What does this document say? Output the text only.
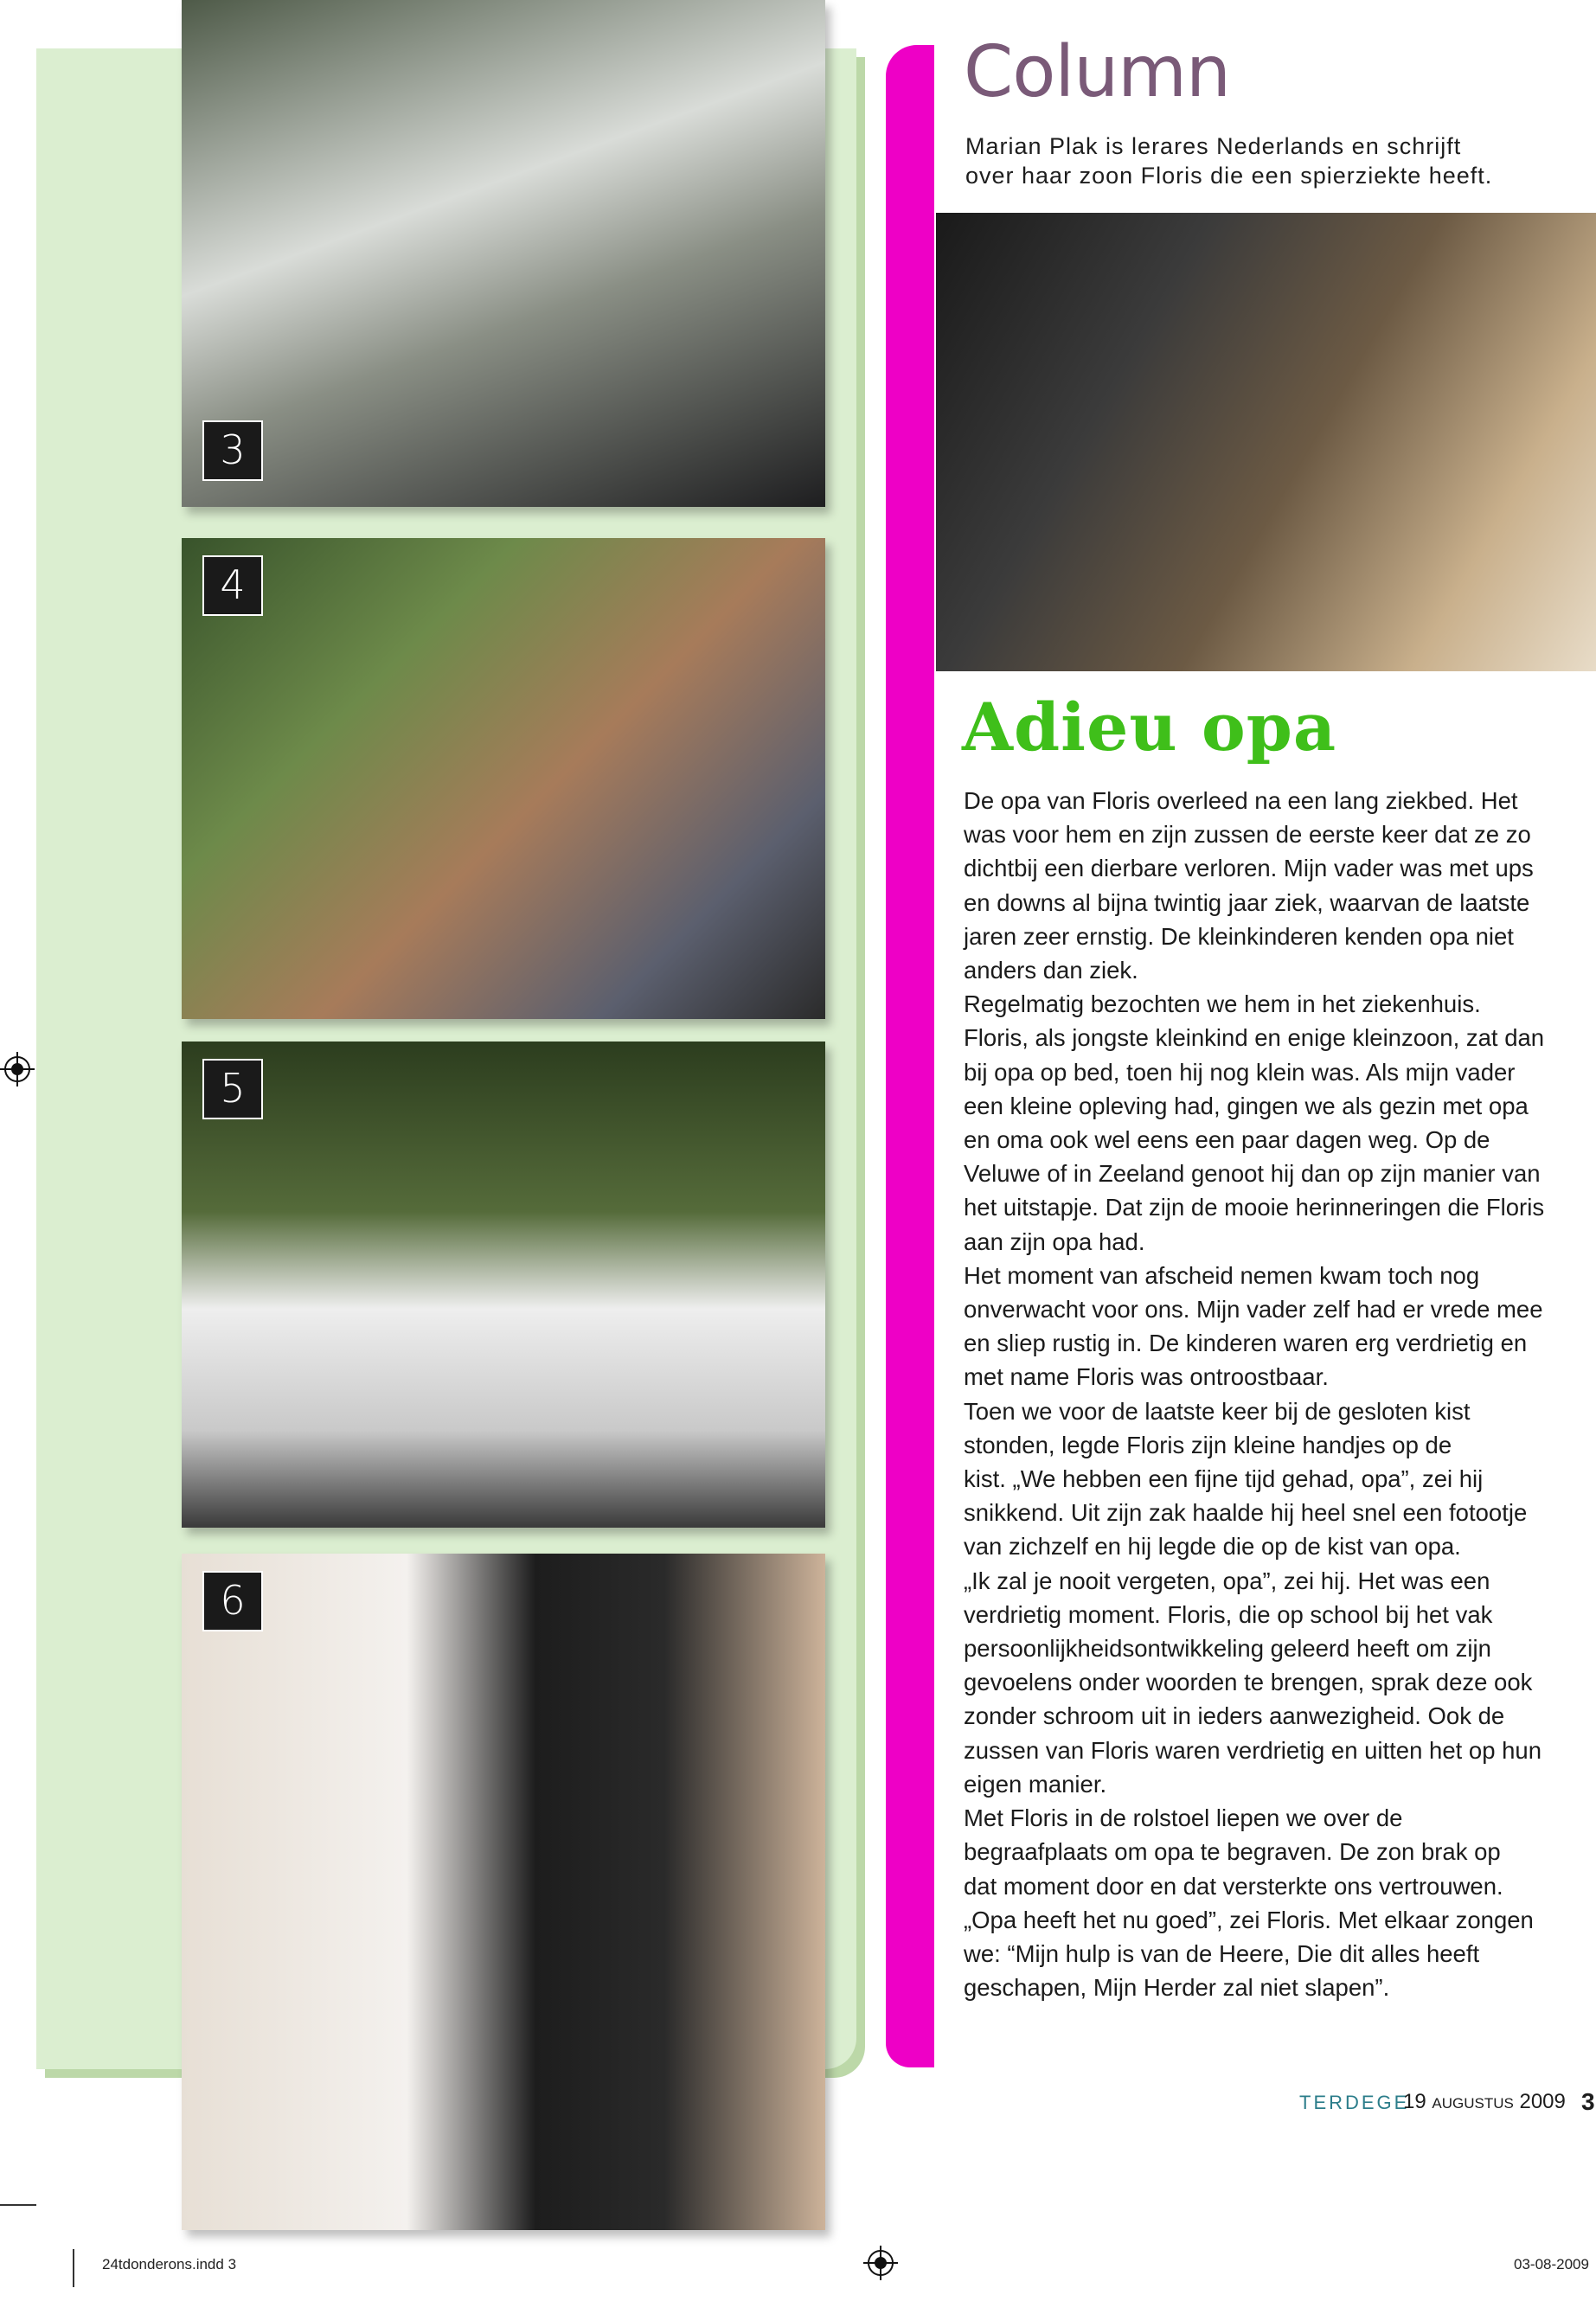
3
4
5
6
Column
Marian Plak is lerares Nederlands en schrijft
over haar zoon Floris die een spierziekte heeft.
Adieu opa
De opa van Floris overleed na een lang ziekbed. Het
was voor hem en zijn zussen de eerste keer dat ze zo
dichtbij een dierbare verloren. Mijn vader was met ups
en downs al bijna twintig jaar ziek, waarvan de laatste
jaren zeer ernstig. De kleinkinderen kenden opa niet
anders dan ziek.
Regelmatig bezochten we hem in het ziekenhuis.
Floris, als jongste kleinkind en enige kleinzoon, zat dan
bij opa op bed, toen hij nog klein was. Als mijn vader
een kleine opleving had, gingen we als gezin met opa
en oma ook wel eens een paar dagen weg. Op de
Veluwe of in Zeeland genoot hij dan op zijn manier van
het uitstapje. Dat zijn de mooie herinneringen die Floris
aan zijn opa had.
Het moment van afscheid nemen kwam toch nog
onverwacht voor ons. Mijn vader zelf had er vrede mee
en sliep rustig in. De kinderen waren erg verdrietig en
met name Floris was ontroostbaar.
Toen we voor de laatste keer bij de gesloten kist
stonden, legde Floris zijn kleine handjes op de
kist. „We hebben een fijne tijd gehad, opa”, zei hij
snikkend. Uit zijn zak haalde hij heel snel een fotootje
van zichzelf en hij legde die op de kist van opa.
„Ik zal je nooit vergeten, opa”, zei hij. Het was een
verdrietig moment. Floris, die op school bij het vak
persoonlijkheidsontwikkeling geleerd heeft om zijn
gevoelens onder woorden te brengen, sprak deze ook
zonder schroom uit in ieders aanwezigheid. Ook de
zussen van Floris waren verdrietig en uitten het op hun
eigen manier.
Met Floris in de rolstoel liepen we over de
begraafplaats om opa te begraven. De zon brak op
dat moment door en dat versterkte ons vertrouwen.
„Opa heeft het nu goed”, zei Floris. Met elkaar zongen
we: “Mijn hulp is van de Heere, Die dit alles heeft
geschapen, Mijn Herder zal niet slapen”.
TERDEGE
19 augustus 2009 3
24tdonderons.indd 3	03-08-2009
